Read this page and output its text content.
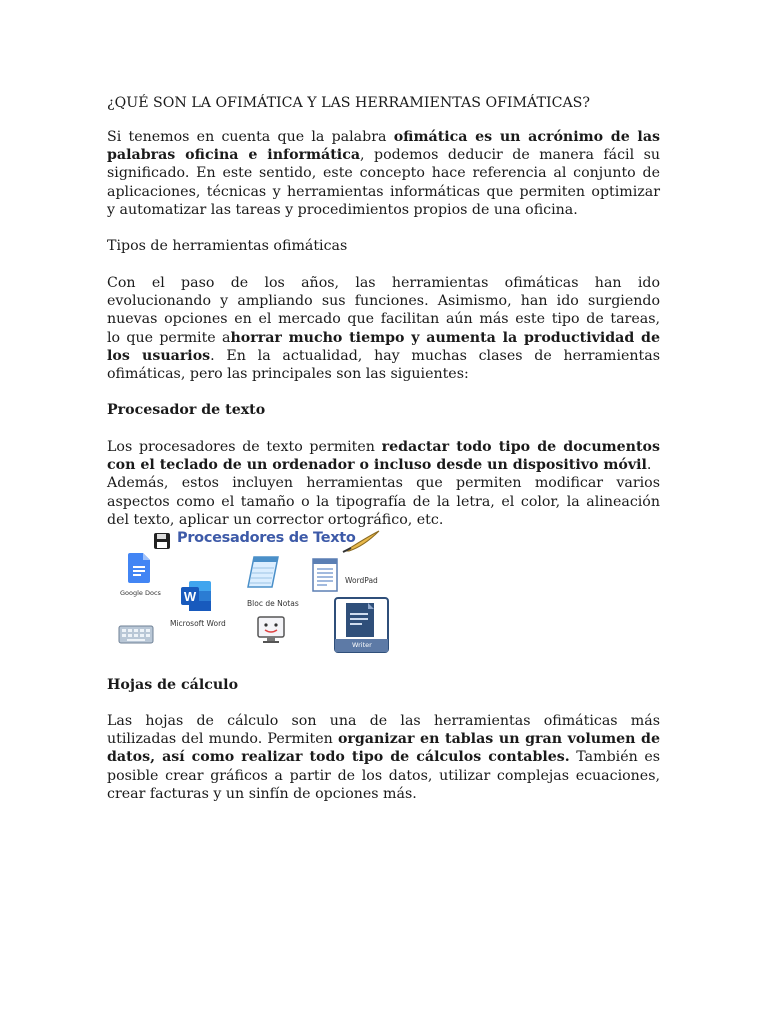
¿QUÉ SON LA OFIMÁTICA Y LAS HERRAMIENTAS OFIMÁTICAS?
Si tenemos en cuenta que la palabra ofimática es un acrónimo de las
palabras oficina e informática, podemos deducir de manera fácil su
significado. En este sentido, este concepto hace referencia al conjunto de
aplicaciones, técnicas y herramientas informáticas que permiten optimizar
y automatizar las tareas y procedimientos propios de una oficina.
Tipos de herramientas ofimáticas
Con el paso de los años, las herramientas ofimáticas han ido
evolucionando y ampliando sus funciones. Asimismo, han ido surgiendo
nuevas opciones en el mercado que facilitan aún más este tipo de tareas,
lo que permite ahorrar mucho tiempo y aumenta la productividad de
los usuarios. En la actualidad, hay muchas clases de herramientas
ofimáticas, pero las principales son las siguientes:
Procesador de texto
Los procesadores de texto permiten redactar todo tipo de documentos
con el teclado de un ordenador o incluso desde un dispositivo móvil.
Además, estos incluyen herramientas que permiten modificar varios
aspectos como el tamaño o la tipografía de la letra, el color, la alineación
del texto, aplicar un corrector ortográfico, etc.
Procesadores de Texto
Google Docs W
Microsoft Word
Bloc de Notas
WordPad
Writer
Hojas de cálculo
Las hojas de cálculo son una de las herramientas ofimáticas más
utilizadas del mundo. Permiten organizar en tablas un gran volumen de
datos, así como realizar todo tipo de cálculos contables. También es
posible crear gráficos a partir de los datos, utilizar complejas ecuaciones,
crear facturas y un sinfín de opciones más.
